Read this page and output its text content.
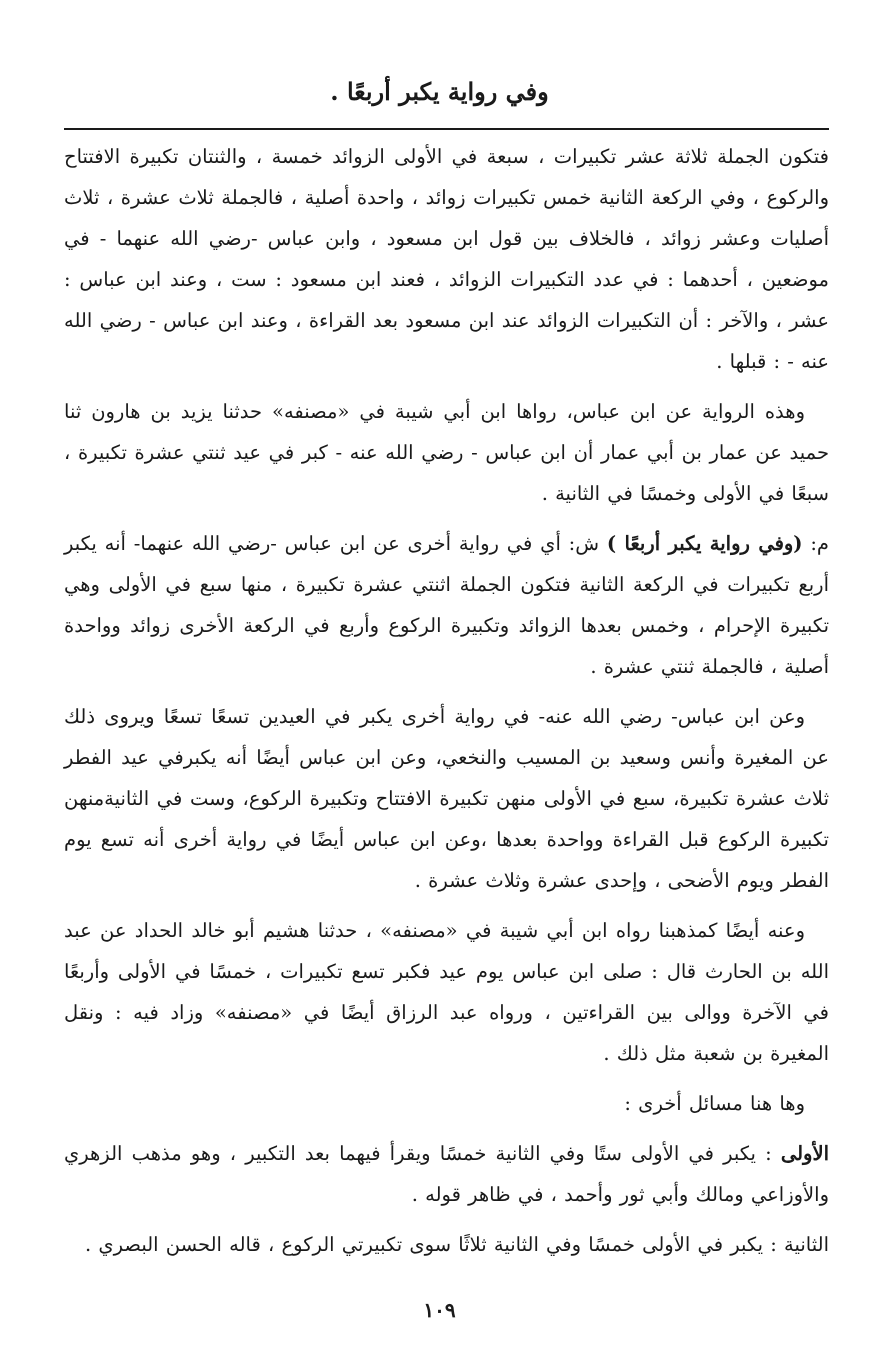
وفي رواية يكبر أربعًا .

فتكون الجملة ثلاثة عشر تكبيرات ، سبعة في الأولى الزوائد خمسة ، والثنتان تكبيرة الافتتاح والركوع ، وفي الركعة الثانية خمس تكبيرات زوائد ، واحدة أصلية ، فالجملة ثلاث عشرة ، ثلاث أصليات وعشر زوائد ، فالخلاف بين قول ابن مسعود ، وابن عباس -رضي الله عنهما - في موضعين ، أحدهما : في عدد التكبيرات الزوائد ، فعند ابن مسعود : ست ، وعند ابن عباس : عشر ، والآخر : أن التكبيرات الزوائد عند ابن مسعود بعد القراءة ، وعند ابن عباس - رضي الله عنه - : قبلها .

وهذه الرواية عن ابن عباس، رواها ابن أبي شيبة في «مصنفه» حدثنا يزيد بن هارون ثنا حميد عن عمار بن أبي عمار أن ابن عباس - رضي الله عنه - كبر في عيد ثنتي عشرة تكبيرة ، سبعًا في الأولى وخمسًا في الثانية .

م: (وفي رواية يكبر أربعًا ) ش: أي في رواية أخرى عن ابن عباس -رضي الله عنهما- أنه يكبر أربع تكبيرات في الركعة الثانية فتكون الجملة اثنتي عشرة تكبيرة ، منها سبع في الأولى وهي تكبيرة الإحرام ، وخمس بعدها الزوائد وتكبيرة الركوع وأربع في الركعة الأخرى زوائد وواحدة أصلية ، فالجملة ثنتي عشرة .

وعن ابن عباس- رضي الله عنه- في رواية أخرى يكبر في العيدين تسعًا تسعًا ويروى ذلك عن المغيرة وأنس وسعيد بن المسيب والنخعي، وعن ابن عباس أيضًا أنه يكبرفي عيد الفطر ثلاث عشرة تكبيرة، سبع في الأولى منهن تكبيرة الافتتاح وتكبيرة الركوع، وست في الثانيةمنهن تكبيرة الركوع قبل القراءة وواحدة بعدها ،وعن ابن عباس أيضًا في رواية أخرى أنه تسع يوم الفطر ويوم الأضحى ، وإحدى عشرة وثلاث عشرة .

وعنه أيضًا كمذهبنا رواه ابن أبي شيبة في «مصنفه» ، حدثنا هشيم أبو خالد الحداد عن عبد الله بن الحارث قال : صلى ابن عباس يوم عيد فكبر تسع تكبيرات ، خمسًا في الأولى وأربعًا في الآخرة ووالى بين القراءتين ، ورواه عبد الرزاق أيضًا في «مصنفه» وزاد فيه : ونقل المغيرة بن شعبة مثل ذلك .

وها هنا مسائل أخرى :

الأولى : يكبر في الأولى ستًا وفي الثانية خمسًا ويقرأ فيهما بعد التكبير ، وهو مذهب الزهري والأوزاعي ومالك وأبي ثور وأحمد ، في ظاهر قوله .

الثانية : يكبر في الأولى خمسًا وفي الثانية ثلاثًا سوى تكبيرتي الركوع ، قاله الحسن البصري .

١٠٩
